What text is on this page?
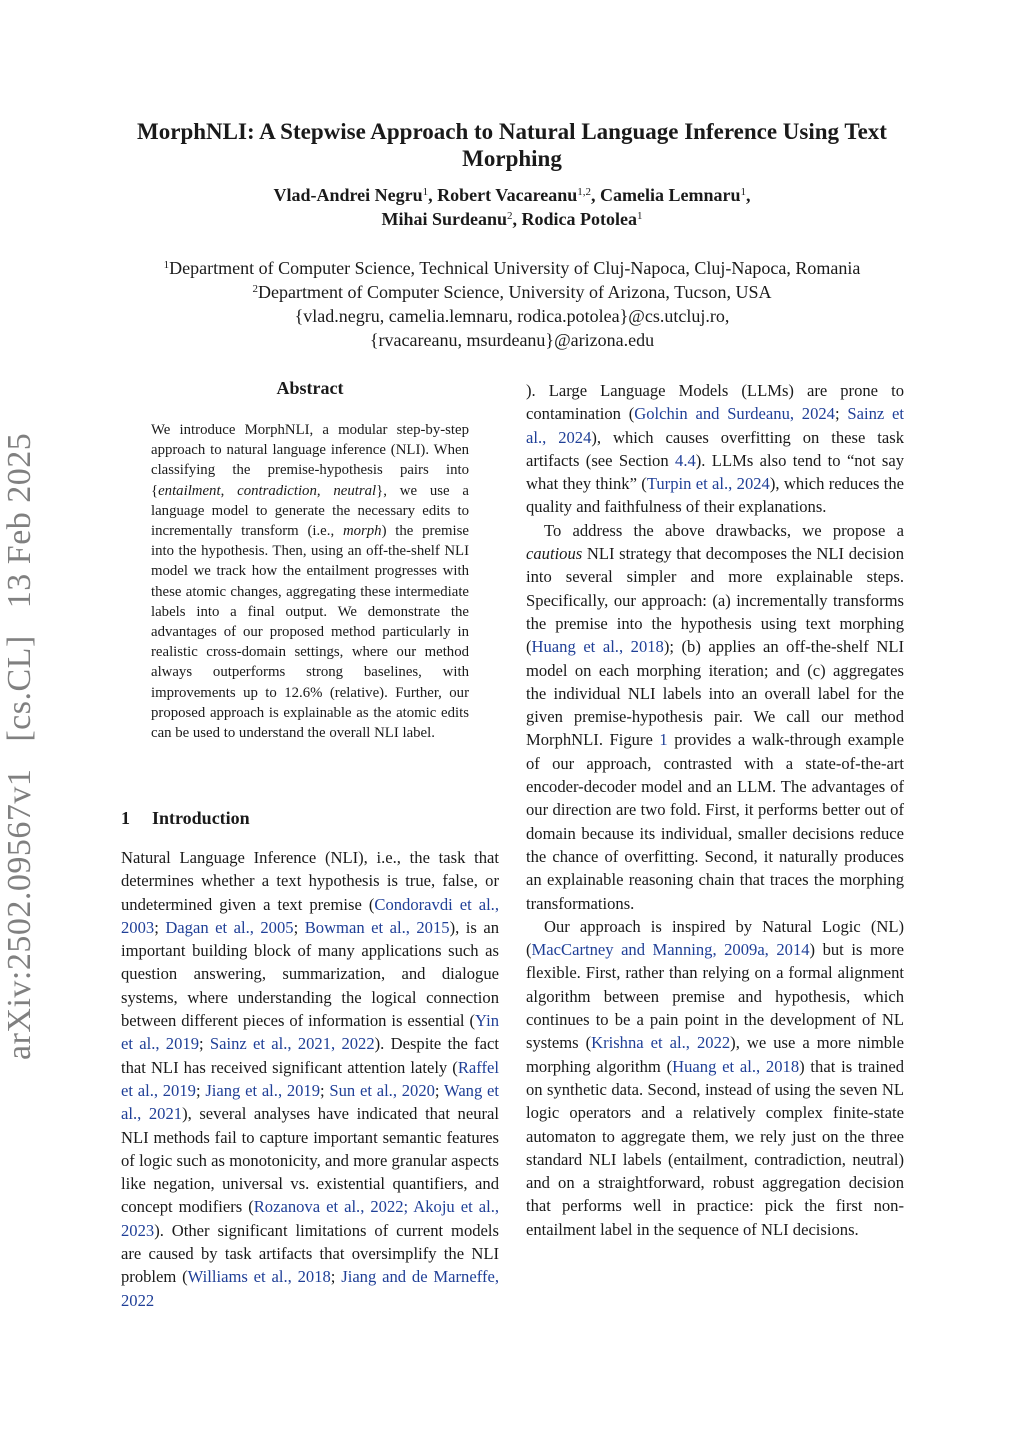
arXiv:2502.09567v1   [cs.CL]   13 Feb 2025
MorphNLI: A Stepwise Approach to Natural Language Inference Using Text Morphing
Vlad-Andrei Negru$^1$, Robert Vacareanu$^{1,2}$, Camelia Lemnaru$^1$,
Mihai Surdeanu$^2$, Rodica Potolea$^1$
$^1$Department of Computer Science, Technical University of Cluj-Napoca, Cluj-Napoca, Romania
$^2$Department of Computer Science, University of Arizona, Tucson, USA
{vlad.negru, camelia.lemnaru, rodica.potolea}@cs.utcluj.ro,
{rvacareanu, msurdeanu}@arizona.edu
Abstract

We introduce MorphNLI, a modular step-by-step approach to natural language inference (NLI). When classifying the premise-hypothesis pairs into {entailment, contradiction, neutral}, we use a language model to generate the necessary edits to incrementally transform (i.e., morph) the premise into the hypothesis. Then, using an off-the-shelf NLI model we track how the entailment progresses with these atomic changes, aggregating these intermediate labels into a final output. We demonstrate the advantages of our proposed method particularly in realistic cross-domain settings, where our method always outperforms strong baselines, with improvements up to 12.6% (relative). Further, our proposed approach is explainable as the atomic edits can be used to understand the overall NLI label.

1 Introduction

Natural Language Inference (NLI), i.e., the task that determines whether a text hypothesis is true, false, or undetermined given a text premise (Condoravdi et al., 2003; Dagan et al., 2005; Bowman et al., 2015), is an important building block of many applications such as question answering, summarization, and dialogue systems, where understanding the logical connection between different pieces of information is essential (Yin et al., 2019; Sainz et al., 2021, 2022). Despite the fact that NLI has received significant attention lately (Raffel et al., 2019; Jiang et al., 2019; Sun et al., 2020; Wang et al., 2021), several analyses have indicated that neural NLI methods fail to capture important semantic features of logic such as monotonicity, and more granular aspects like negation, universal vs. existential quantifiers, and concept modifiers (Rozanova et al., 2022; Akoju et al., 2023). Other significant limitations of current models are caused by task artifacts that oversimplify the NLI problem (Williams et al., 2018; Jiang and de Marneffe, 2022

). Large Language Models (LLMs) are prone to contamination (Golchin and Surdeanu, 2024; Sainz et al., 2024), which causes overfitting on these task artifacts (see Section 4.4). LLMs also tend to “not say what they think” (Turpin et al., 2024), which reduces the quality and faithfulness of their explanations.

To address the above drawbacks, we propose a cautious NLI strategy that decomposes the NLI decision into several simpler and more explainable steps. Specifically, our approach: (a) incrementally transforms the premise into the hypothesis using text morphing (Huang et al., 2018); (b) applies an off-the-shelf NLI model on each morphing iteration; and (c) aggregates the individual NLI labels into an overall label for the given premise-hypothesis pair. We call our method MorphNLI. Figure 1 provides a walk-through example of our approach, contrasted with a state-of-the-art encoder-decoder model and an LLM. The advantages of our direction are two fold. First, it performs better out of domain because its individual, smaller decisions reduce the chance of overfitting. Second, it naturally produces an explainable reasoning chain that traces the morphing transformations.

Our approach is inspired by Natural Logic (NL) (MacCartney and Manning, 2009a, 2014) but is more flexible. First, rather than relying on a formal alignment algorithm between premise and hypothesis, which continues to be a pain point in the development of NL systems (Krishna et al., 2022), we use a more nimble morphing algorithm (Huang et al., 2018) that is trained on synthetic data. Second, instead of using the seven NL logic operators and a relatively complex finite-state automaton to aggregate them, we rely just on the three standard NLI labels (entailment, contradiction, neutral) and on a straightforward, robust aggregation decision that performs well in practice: pick the first non-entailment label in the sequence of NLI decisions.
